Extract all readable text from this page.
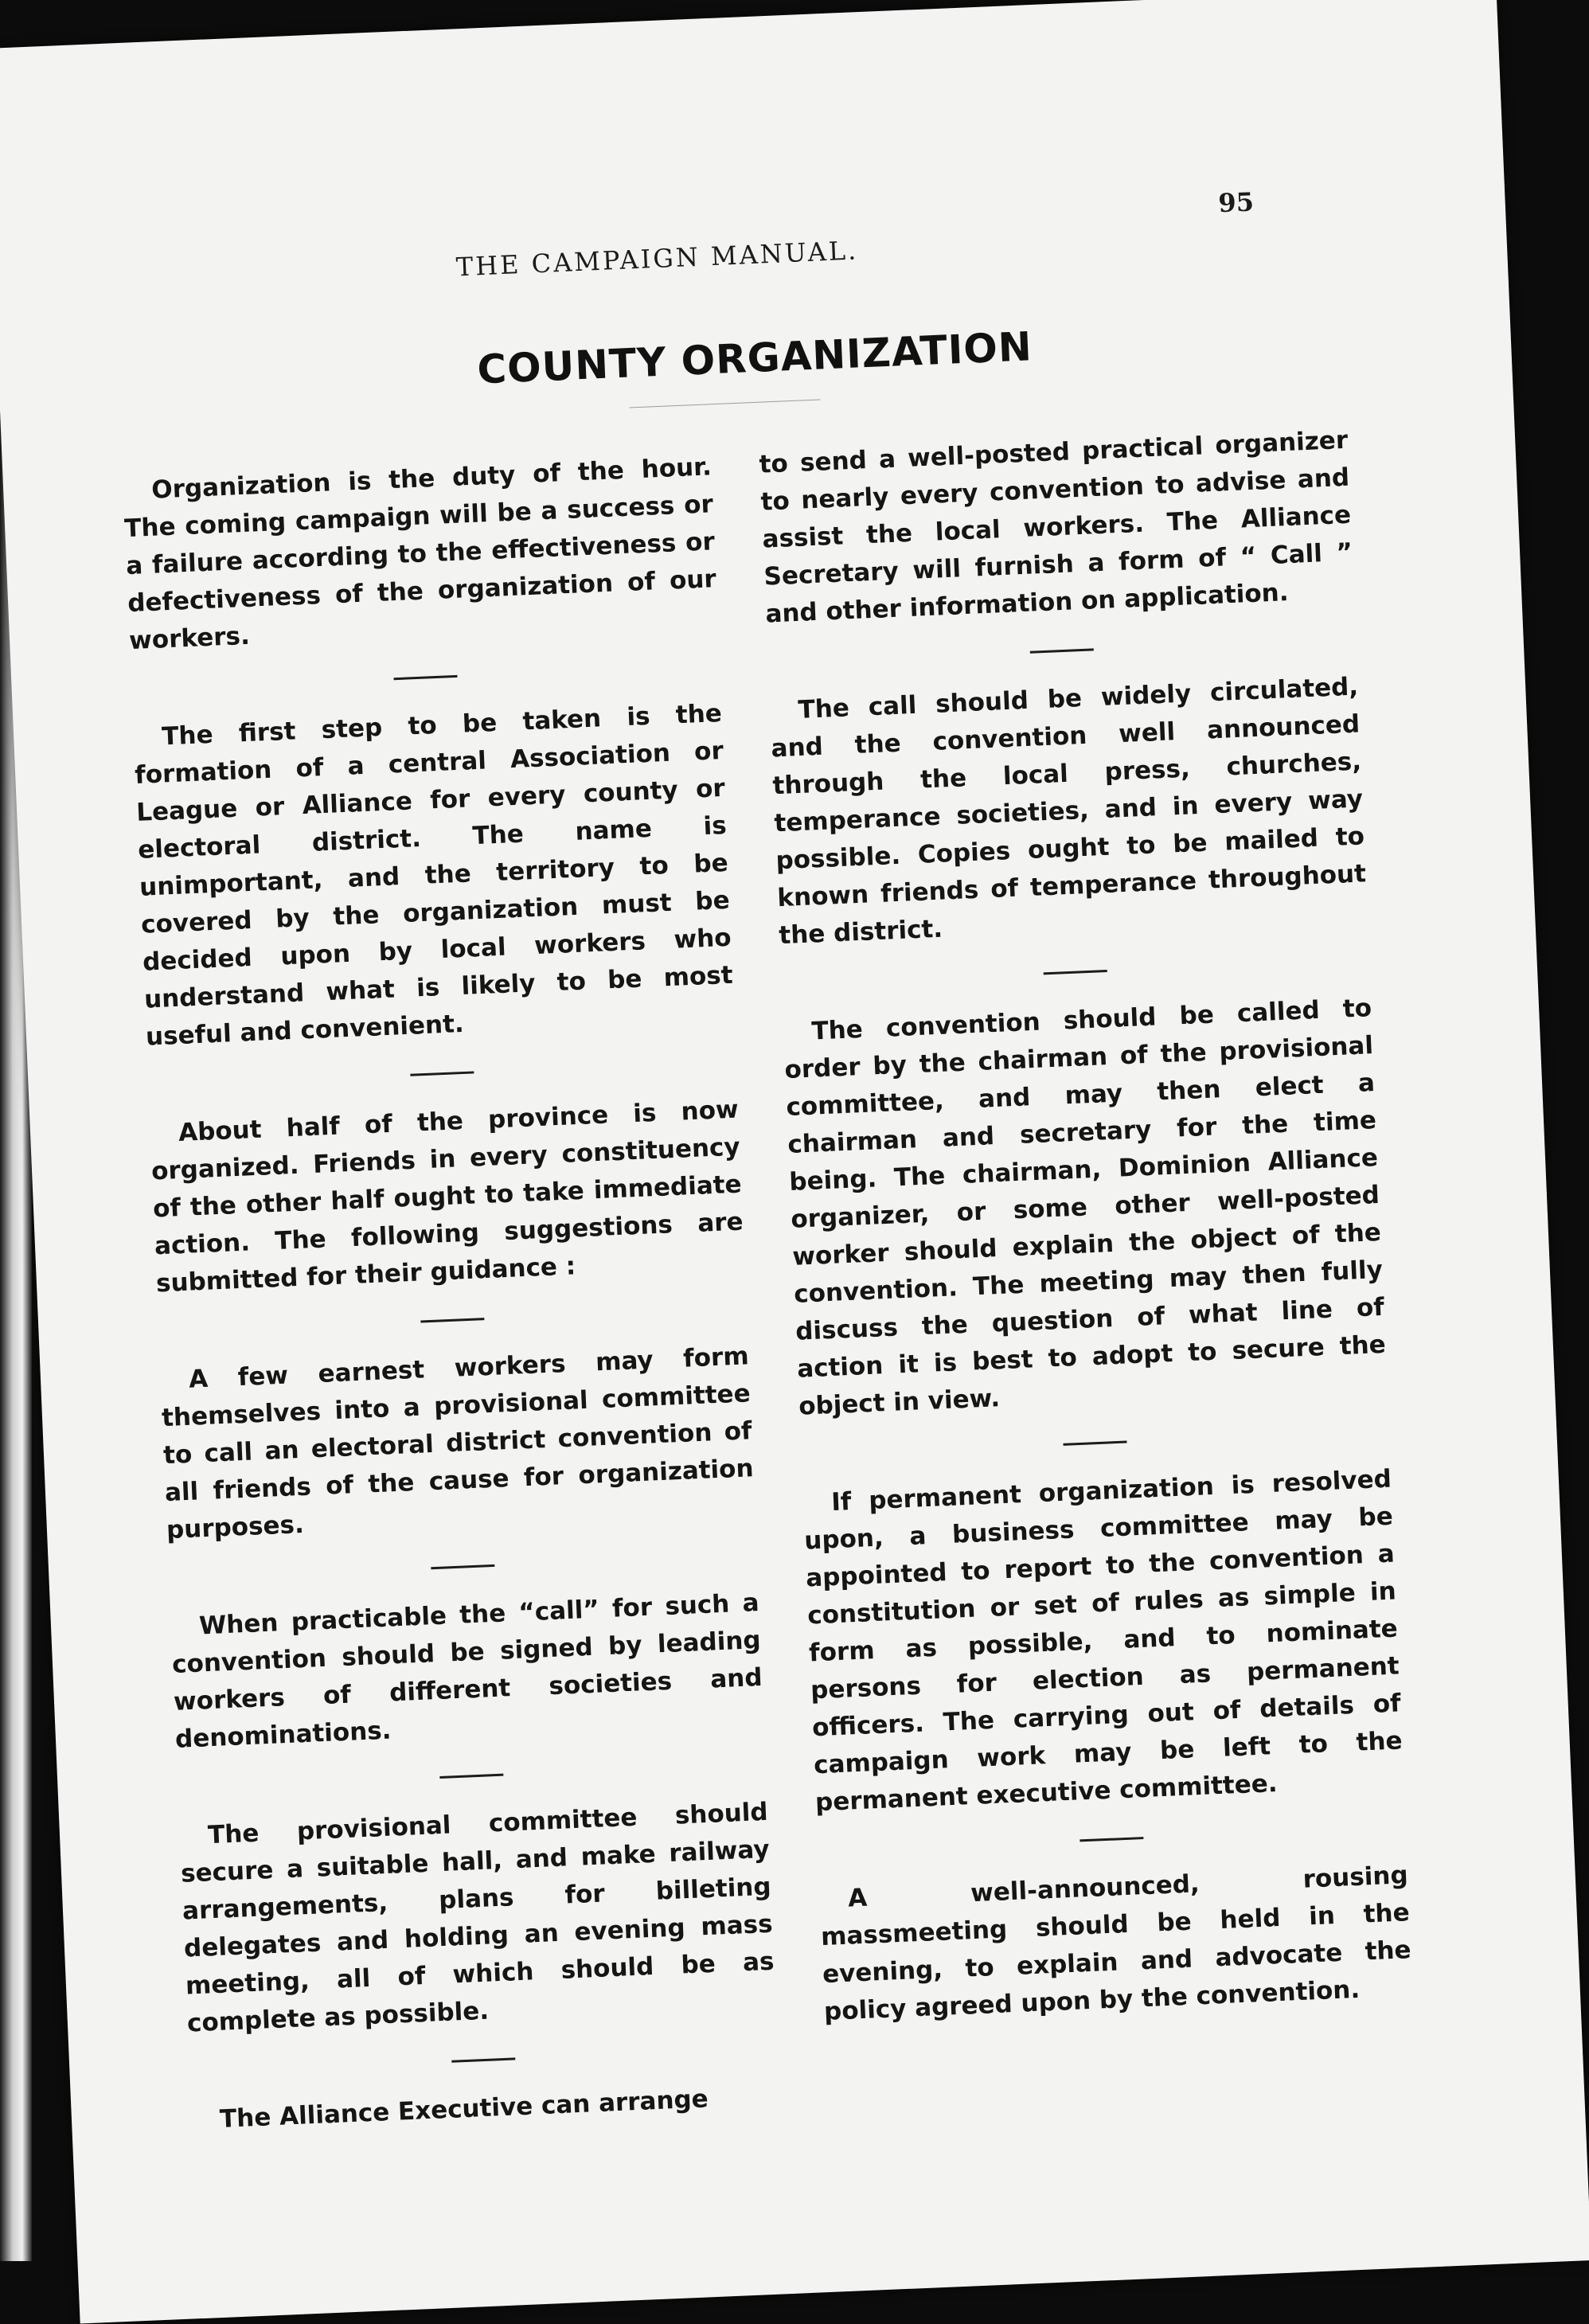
THE CAMPAIGN MANUAL.
95
COUNTY ORGANIZATION

Organization is the duty of the hour. The coming campaign will be a success or a failure according to the effectiveness or defectiveness of the organization of our workers.

The first step to be taken is the formation of a central Association or League or Alliance for every county or electoral district. The name is unimportant, and the territory to be covered by the organization must be decided upon by local workers who understand what is likely to be most useful and convenient.

About half of the province is now organized. Friends in every constituency of the other half ought to take immediate action. The following suggestions are submitted for their guidance :

A few earnest workers may form themselves into a provisional committee to call an electoral district convention of all friends of the cause for organization purposes.

When practicable the “call” for such a convention should be signed by leading workers of different societies and denominations.

The provisional committee should secure a suitable hall, and make railway arrangements, plans for billeting delegates and holding an evening mass meeting, all of which should be as complete as possible.

The Alliance Executive can arrange

to send a well-posted practical organizer to nearly every convention to advise and assist the local workers. The Alliance Secretary will furnish a form of “ Call ” and other information on application.

The call should be widely circulated, and the convention well announced through the local press, churches, temperance societies, and in every way possible. Copies ought to be mailed to known friends of temperance throughout the district.

The convention should be called to order by the chairman of the provisional committee, and may then elect a chairman and secretary for the time being. The chairman, Dominion Alliance organizer, or some other well-posted worker should explain the object of the convention. The meeting may then fully discuss the question of what line of action it is best to adopt to secure the object in view.

If permanent organization is resolved upon, a business committee may be appointed to report to the convention a constitution or set of rules as simple in form as possible, and to nominate persons for election as permanent officers. The carrying out of details of campaign work may be left to the permanent executive committee.

A well-announced, rousing massmeeting should be held in the evening, to explain and advocate the policy agreed upon by the convention.
